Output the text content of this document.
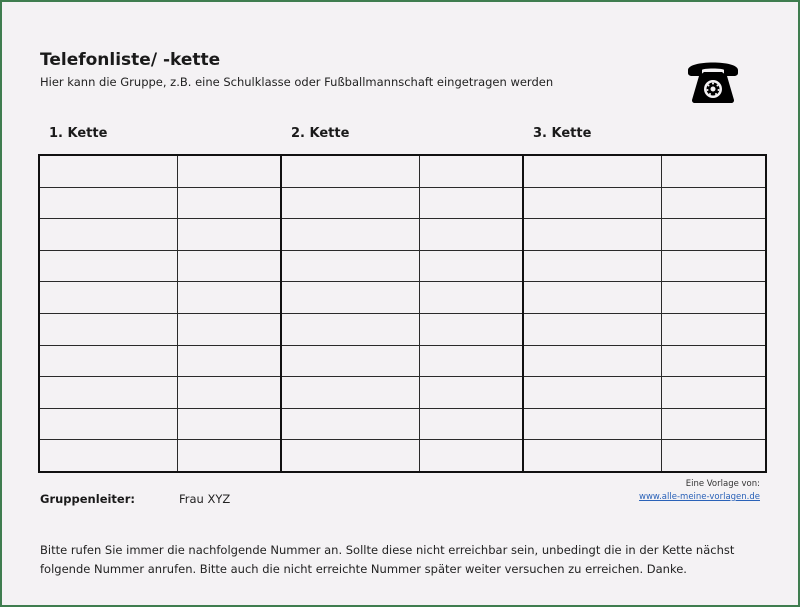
Telefonliste/ -kette
Hier kann die Gruppe, z.B. eine Schulklasse oder Fußballmannschaft eingetragen werden
1. Kette	2. Kette	3. Kette

Gruppenleiter:	Frau XYZ
Eine Vorlage von:
www.alle-meine-vorlagen.de
Bitte rufen Sie immer die nachfolgende Nummer an. Sollte diese nicht erreichbar sein, unbedingt die in der Kette nächst folgende Nummer anrufen. Bitte auch die nicht erreichte Nummer später weiter versuchen zu erreichen. Danke.
